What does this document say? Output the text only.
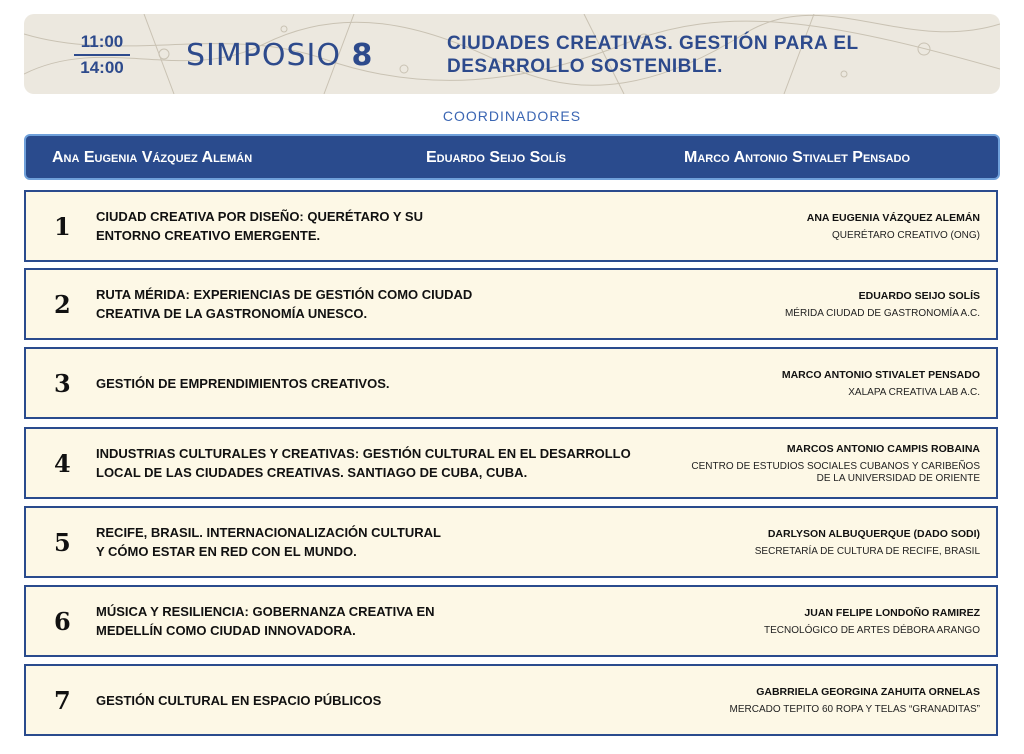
11:00
14:00 SIMPOSIO 8	CIUDADES CREATIVAS. GESTIÓN PARA EL
DESARROLLO SOSTENIBLE.
COORDINADORES
Ana Eugenia Vázquez Alemán	Eduardo Seijo Solís	Marco Antonio Stivalet Pensado
1 CIUDAD CREATIVA POR DISEÑO: QUERÉTARO Y SU
ENTORNO CREATIVO EMERGENTE.
ANA EUGENIA VÁZQUEZ ALEMÁN
QUERÉTARO CREATIVO (ONG)
2 RUTA MÉRIDA: EXPERIENCIAS DE GESTIÓN COMO CIUDAD
CREATIVA DE LA GASTRONOMÍA UNESCO.
EDUARDO SEIJO SOLÍS
MÉRIDA CIUDAD DE GASTRONOMÍA A.C.
3 GESTIÓN DE EMPRENDIMIENTOS CREATIVOS.
MARCO ANTONIO STIVALET PENSADO
XALAPA CREATIVA LAB A.C.
4 INDUSTRIAS CULTURALES Y CREATIVAS: GESTIÓN CULTURAL EN EL DESARROLLO
LOCAL DE LAS CIUDADES CREATIVAS. SANTIAGO DE CUBA, CUBA.
MARCOS ANTONIO CAMPIS ROBAINA
CENTRO DE ESTUDIOS SOCIALES CUBANOS Y CARIBEÑOS
DE LA UNIVERSIDAD DE ORIENTE
5 RECIFE, BRASIL. INTERNACIONALIZACIÓN CULTURAL
Y CÓMO ESTAR EN RED CON EL MUNDO.
DARLYSON ALBUQUERQUE (DADO SODI)
SECRETARÍA DE CULTURA DE RECIFE, BRASIL
6 MÚSICA Y RESILIENCIA: GOBERNANZA CREATIVA EN
MEDELLÍN COMO CIUDAD INNOVADORA.
JUAN FELIPE LONDOÑO RAMIREZ
TECNOLÓGICO DE ARTES DÉBORA ARANGO
7 GESTIÓN CULTURAL EN ESPACIO PÚBLICOS
GABRRIELA GEORGINA ZAHUITA ORNELAS
MERCADO TEPITO 60 ROPA Y TELAS “GRANADITAS”
